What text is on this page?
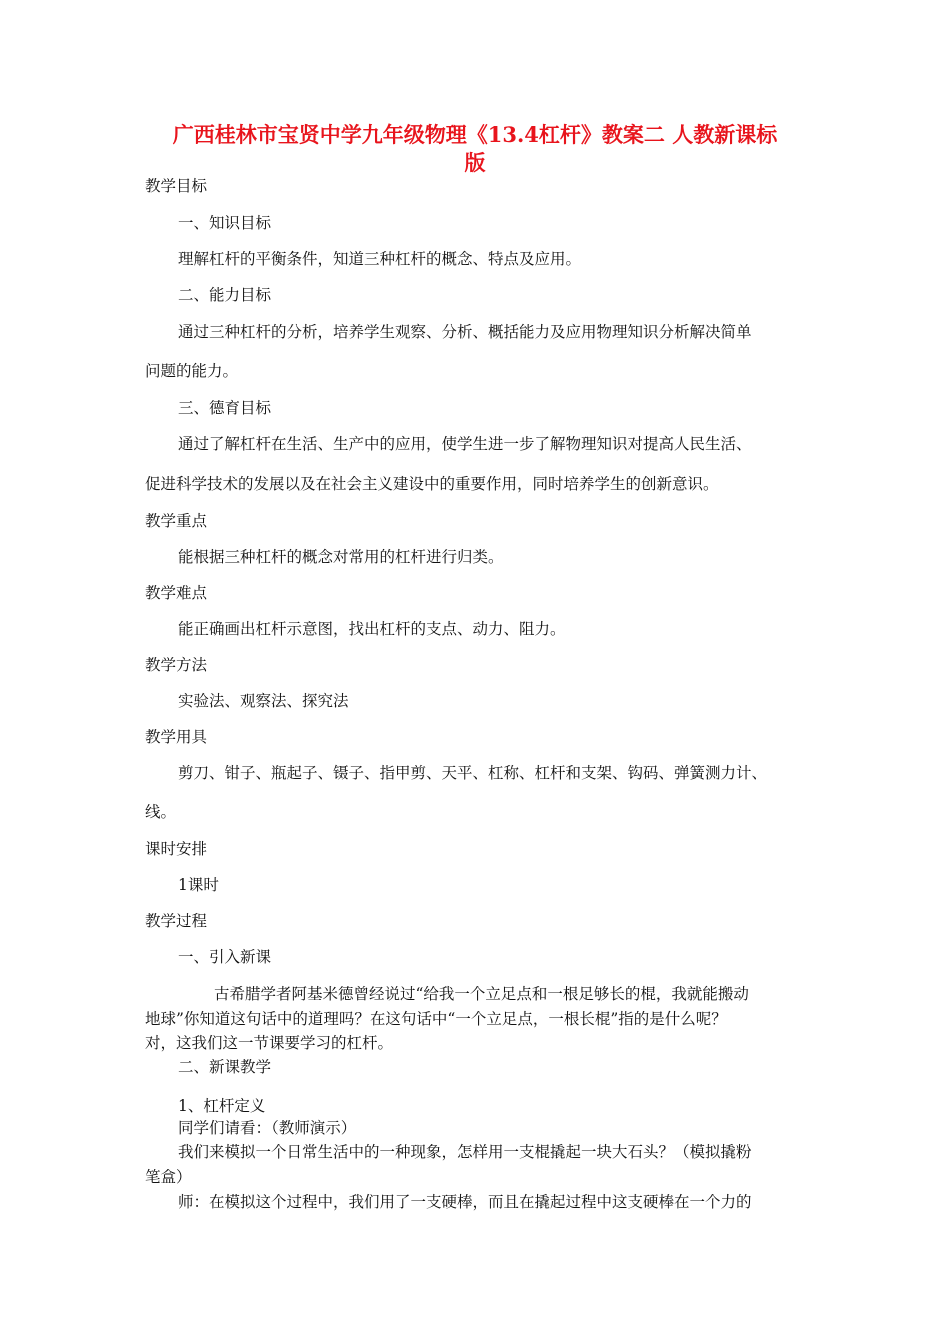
广西桂林市宝贤中学九年级物理《13.4杠杆》教案二 人教新课标
版

教学目标

一、知识目标

理解杠杆的平衡条件，知道三种杠杆的概念、特点及应用。

二、能力目标

通过三种杠杆的分析，培养学生观察、分析、概括能力及应用物理知识分析解决简单

问题的能力。

三、德育目标

通过了解杠杆在生活、生产中的应用，使学生进一步了解物理知识对提高人民生活、

促进科学技术的发展以及在社会主义建设中的重要作用，同时培养学生的创新意识。

教学重点

能根据三种杠杆的概念对常用的杠杆进行归类。

教学难点

能正确画出杠杆示意图，找出杠杆的支点、动力、阻力。

教学方法

实验法、观察法、探究法

教学用具

剪刀、钳子、瓶起子、镊子、指甲剪、天平、杠称、杠杆和支架、钩码、弹簧测力计、

线。

课时安排

1课时

教学过程

一、引入新课

古希腊学者阿基米德曾经说过“给我一个立足点和一根足够长的棍，我就能搬动

地球”你知道这句话中的道理吗？在这句话中“一个立足点，一根长棍”指的是什么呢？

对，这我们这一节课要学习的杠杆。

二、新课教学

1、杠杆定义

同学们请看：（教师演示）

我们来模拟一个日常生活中的一种现象，怎样用一支棍撬起一块大石头？（模拟撬粉

笔盒）

师：在模拟这个过程中，我们用了一支硬棒，而且在撬起过程中这支硬棒在一个力的
